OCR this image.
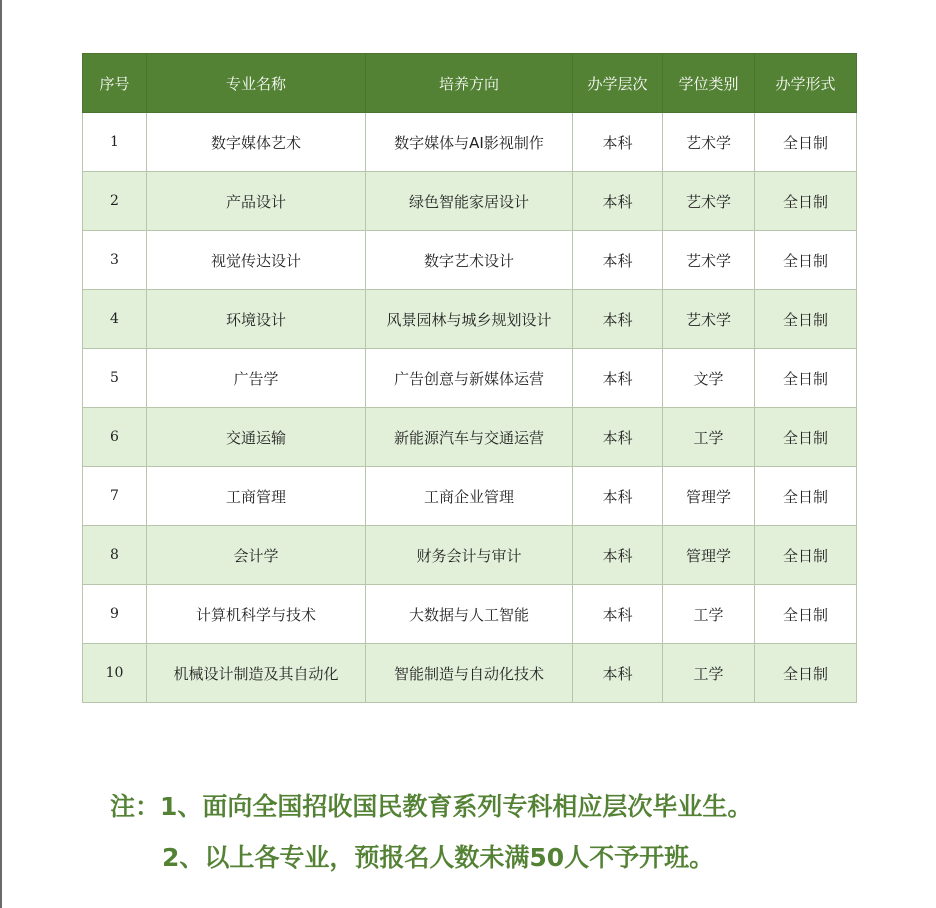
序号	专业名称	培养方向	办学层次	学位类别	办学形式
1	数字媒体艺术	数字媒体与AI影视制作	本科	艺术学	全日制
2	产品设计	绿色智能家居设计	本科	艺术学	全日制
3	视觉传达设计	数字艺术设计	本科	艺术学	全日制
4	环境设计	风景园林与城乡规划设计	本科	艺术学	全日制
5	广告学	广告创意与新媒体运营	本科	文学	全日制
6	交通运输	新能源汽车与交通运营	本科	工学	全日制
7	工商管理	工商企业管理	本科	管理学	全日制
8	会计学	财务会计与审计	本科	管理学	全日制
9	计算机科学与技术	大数据与人工智能	本科	工学	全日制
10	机械设计制造及其自动化	智能制造与自动化技术	本科	工学	全日制
注：1、面向全国招收国民教育系列专科相应层次毕业生。
2、以上各专业，预报名人数未满50人不予开班。
